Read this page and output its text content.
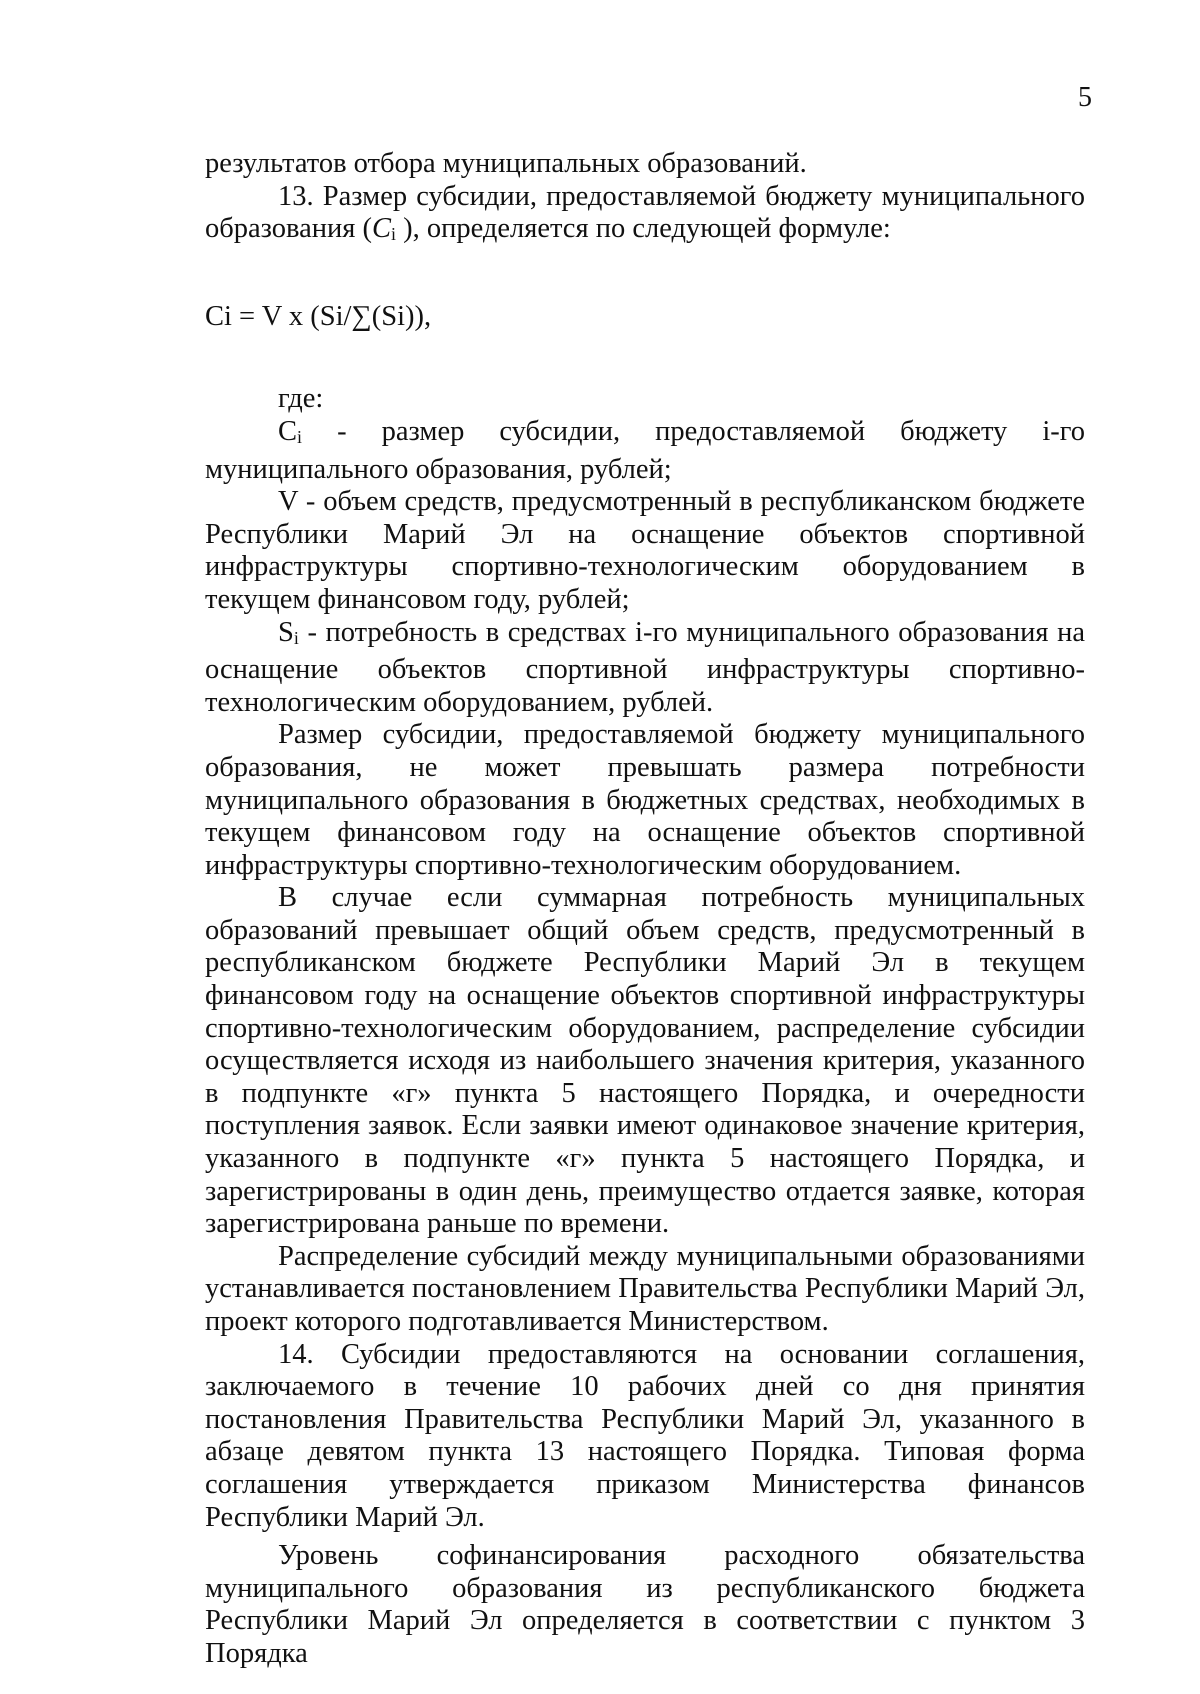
5

результатов отбора муниципальных образований.

13. Размер субсидии, предоставляемой бюджету муниципального образования (Ci ), определяется по следующей формуле:

Ci = V x (Si/∑(Si)),

где:

Ci - размер субсидии, предоставляемой бюджету i-го муниципального образования, рублей;

V - объем средств, предусмотренный в республиканском бюджете Республики Марий Эл на оснащение объектов спортивной инфраструктуры спортивно-технологическим оборудованием в текущем финансовом году, рублей;

Si - потребность в средствах i-го муниципального образования на оснащение объектов спортивной инфраструктуры спортивно-технологическим оборудованием, рублей.

Размер субсидии, предоставляемой бюджету муниципального образования, не может превышать размера потребности муниципального образования в бюджетных средствах, необходимых в текущем финансовом году на оснащение объектов спортивной инфраструктуры спортивно-технологическим оборудованием.

В случае если суммарная потребность муниципальных образований превышает общий объем средств, предусмотренный в республиканском бюджете Республики Марий Эл в текущем финансовом году на оснащение объектов спортивной инфраструктуры спортивно-технологическим оборудованием, распределение субсидии осуществляется исходя из наибольшего значения критерия, указанного в подпункте «г» пункта 5 настоящего Порядка, и очередности поступления заявок. Если заявки имеют одинаковое значение критерия, указанного в подпункте «г» пункта 5 настоящего Порядка, и зарегистрированы в один день, преимущество отдается заявке, которая зарегистрирована раньше по времени.

Распределение субсидий между муниципальными образованиями устанавливается постановлением Правительства Республики Марий Эл, проект которого подготавливается Министерством.

14. Субсидии предоставляются на основании соглашения, заключаемого в течение 10 рабочих дней со дня принятия постановления Правительства Республики Марий Эл, указанного в абзаце девятом пункта 13 настоящего Порядка. Типовая форма соглашения утверждается приказом Министерства финансов Республики Марий Эл.

Уровень софинансирования расходного обязательства муниципального образования из республиканского бюджета Республики Марий Эл определяется в соответствии с пунктом 3 Порядка
